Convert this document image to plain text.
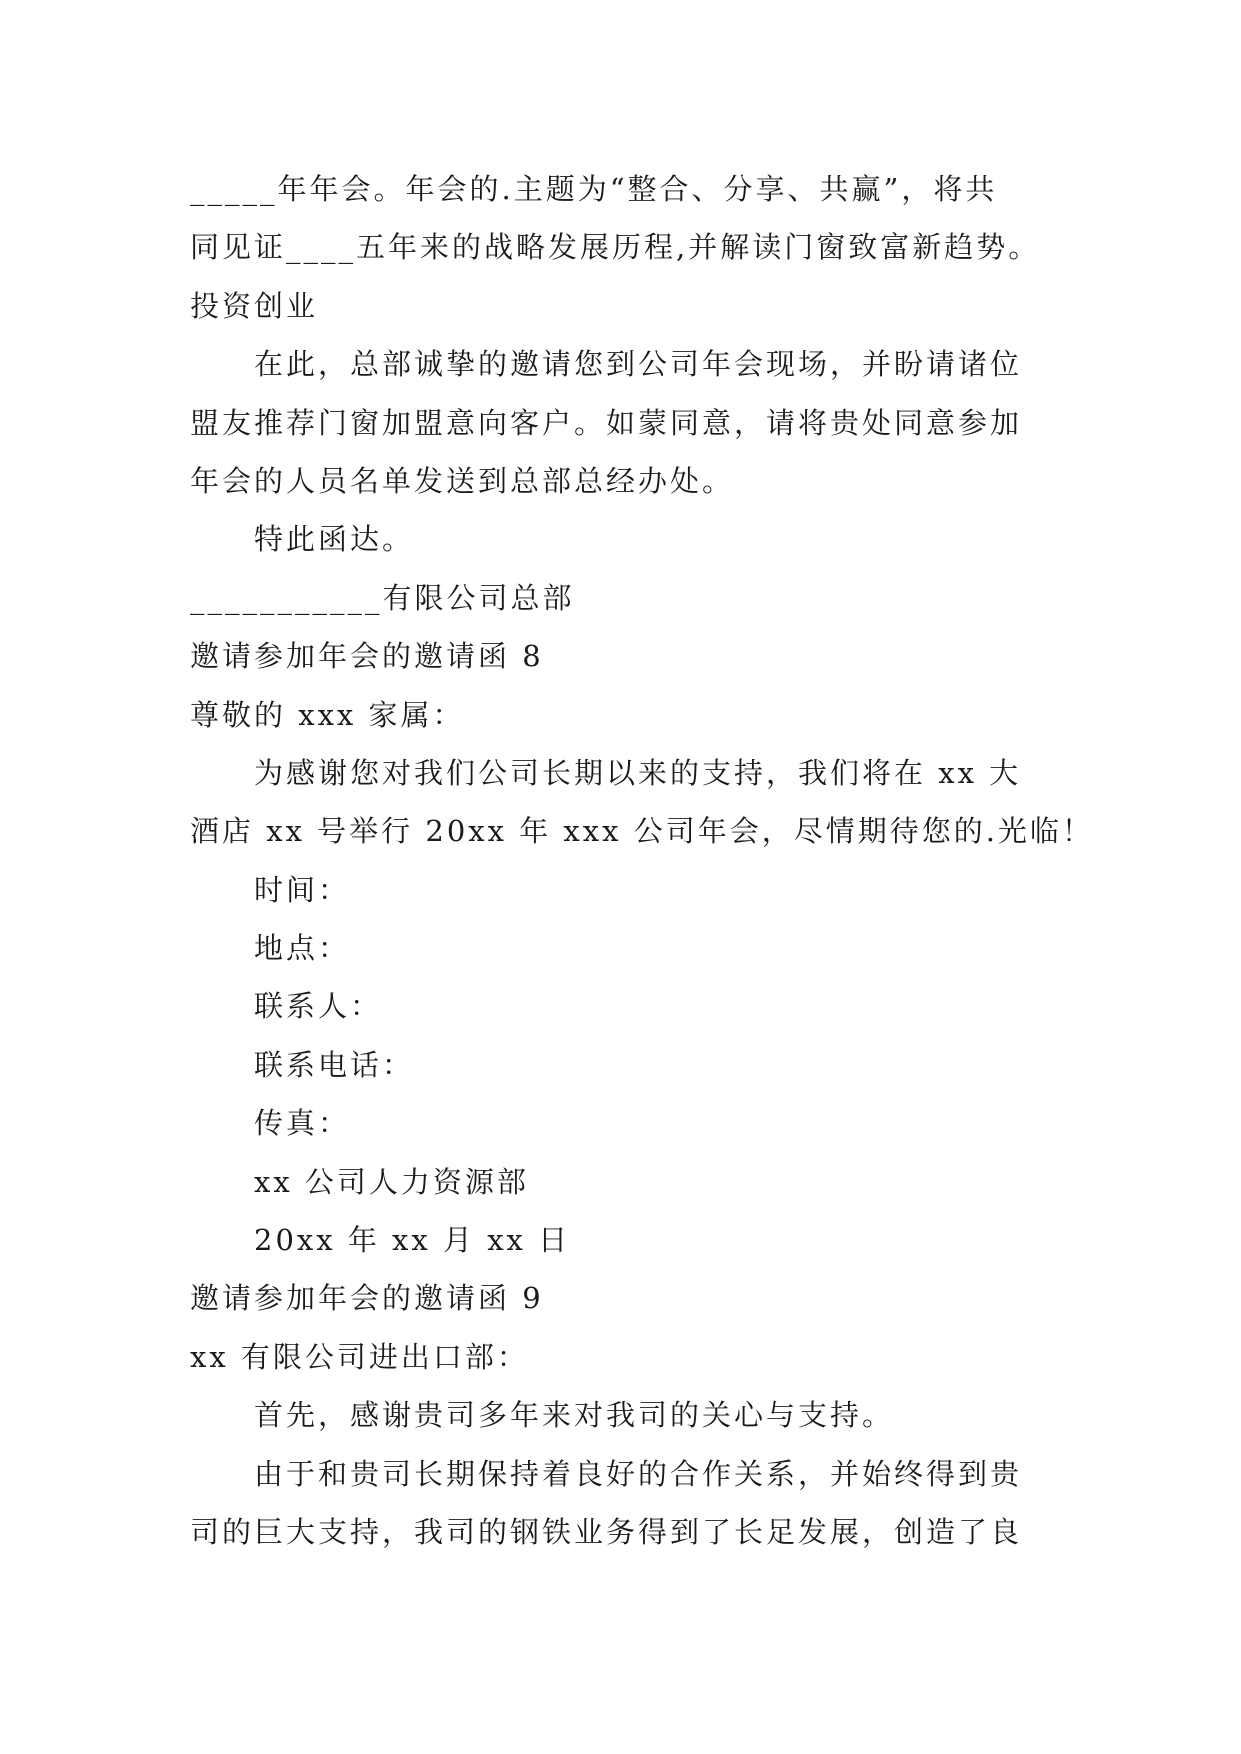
_____年年会。年会的.主题为“整合、分享、共赢”，将共
同见证____五年来的战略发展历程,并解读门窗致富新趋势。
投资创业
在此，总部诚挚的邀请您到公司年会现场，并盼请诸位
盟友推荐门窗加盟意向客户。如蒙同意，请将贵处同意参加
年会的人员名单发送到总部总经办处。
特此函达。
___________有限公司总部
邀请参加年会的邀请函 8
尊敬的 xxx 家属：
为感谢您对我们公司长期以来的支持，我们将在 xx 大
酒店 xx 号举行 20xx 年 xxx 公司年会，尽情期待您的.光临！
时间：
地点：
联系人：
联系电话：
传真：
xx 公司人力资源部
20xx 年 xx 月 xx 日
邀请参加年会的邀请函 9
xx 有限公司进出口部：
首先，感谢贵司多年来对我司的关心与支持。
由于和贵司长期保持着良好的合作关系，并始终得到贵
司的巨大支持，我司的钢铁业务得到了长足发展，创造了良
